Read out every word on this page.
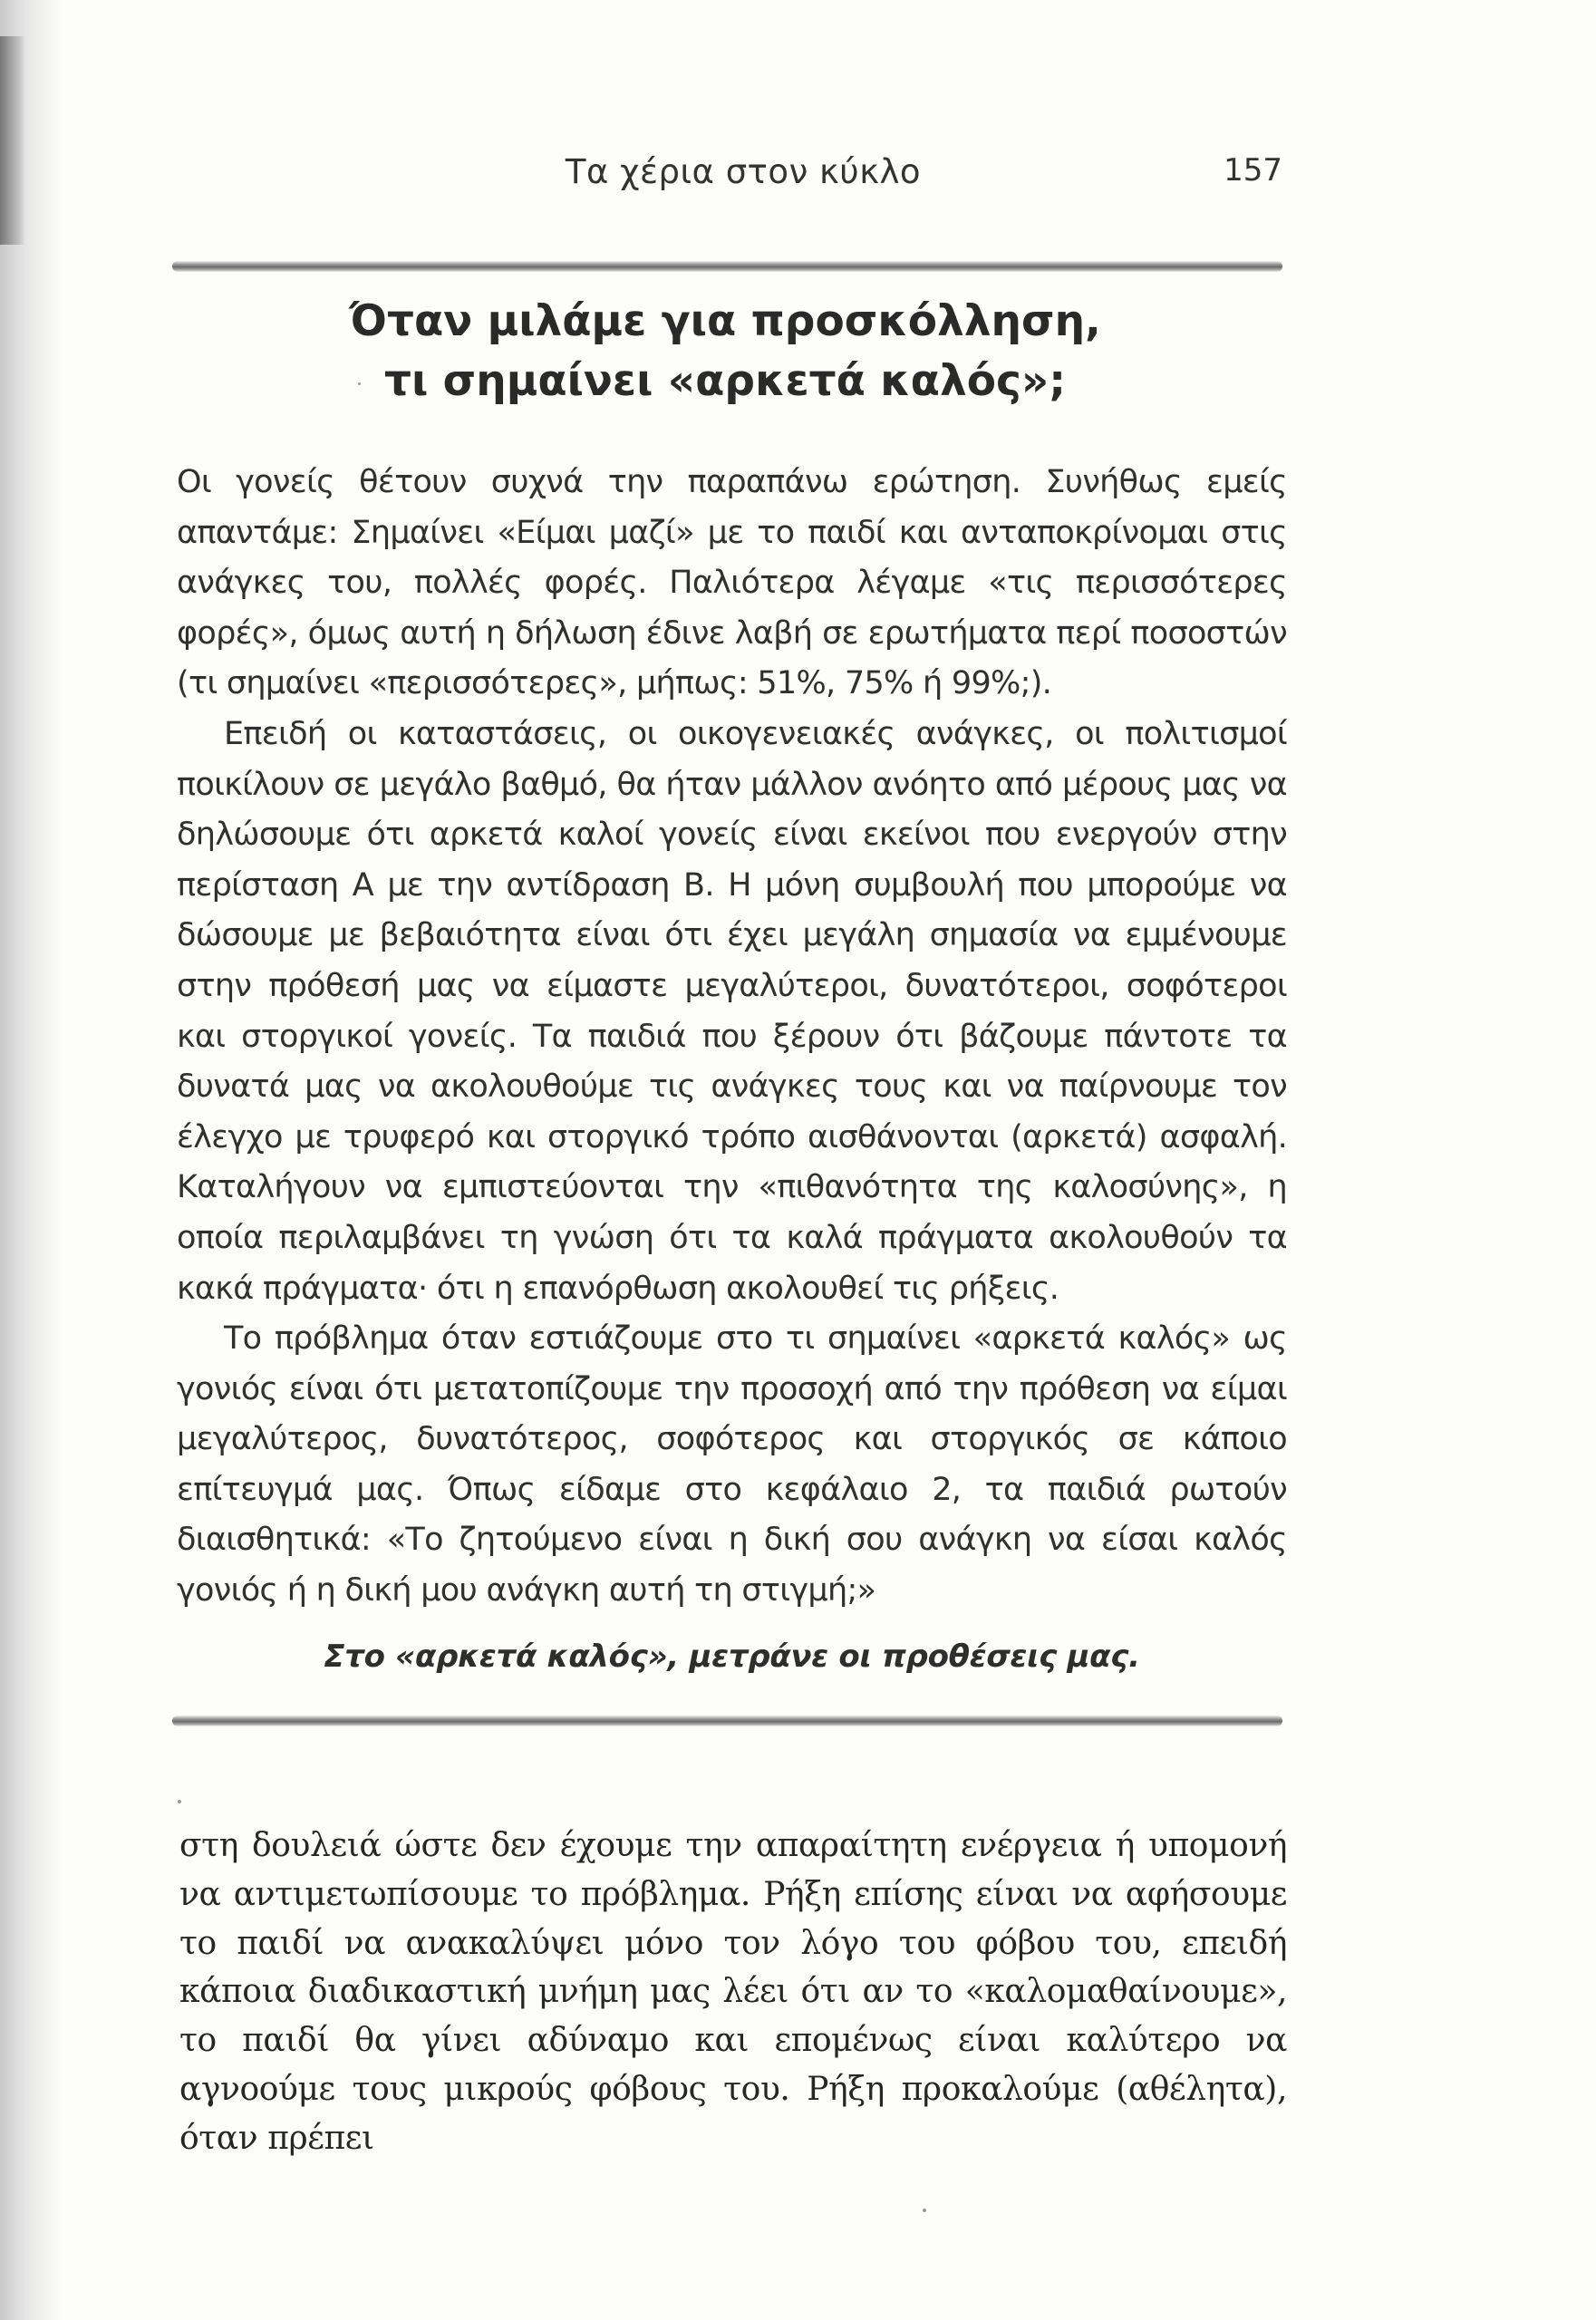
Τα χέρια στον κύκλο	157
Όταν μιλάμε για προσκόλληση,
τι σημαίνει «αρκετά καλός»;

Οι γονείς θέτουν συχνά την παραπάνω ερώτηση. Συνήθως εμείς απαντάμε: Σημαίνει «Είμαι μαζί» με το παιδί και ανταποκρίνομαι στις ανάγκες του, πολλές φορές. Παλιότερα λέγαμε «τις περισσότερες φορές», όμως αυτή η δήλωση έδινε λαβή σε ερωτήματα περί ποσοστών (τι σημαίνει «περισσότερες», μήπως: 51%, 75% ή 99%;).

Επειδή οι καταστάσεις, οι οικογενειακές ανάγκες, οι πολιτισμοί ποικίλουν σε μεγάλο βαθμό, θα ήταν μάλλον ανόητο από μέρους μας να δηλώσουμε ότι αρκετά καλοί γονείς είναι εκείνοι που ενεργούν στην περίσταση Α με την αντίδραση Β. Η μόνη συμβουλή που μπορούμε να δώσουμε με βεβαιότητα είναι ότι έχει μεγάλη σημασία να εμμένουμε στην πρόθεσή μας να είμαστε μεγαλύτεροι, δυνατότεροι, σοφότεροι και στοργικοί γονείς. Τα παιδιά που ξέρουν ότι βάζουμε πάντοτε τα δυνατά μας να ακολουθούμε τις ανάγκες τους και να παίρνουμε τον έλεγχο με τρυφερό και στοργικό τρόπο αισθάνονται (αρκετά) ασφαλή. Καταλήγουν να εμπιστεύονται την «πιθανότητα της καλοσύνης», η οποία περιλαμβάνει τη γνώση ότι τα καλά πράγματα ακολουθούν τα κακά πράγματα· ότι η επανόρθωση ακολουθεί τις ρήξεις.

Το πρόβλημα όταν εστιάζουμε στο τι σημαίνει «αρκετά καλός» ως γονιός είναι ότι μετατοπίζουμε την προσοχή από την πρόθεση να είμαι μεγαλύτερος, δυνατότερος, σοφότερος και στοργικός σε κάποιο επίτευγμά μας. Όπως είδαμε στο κεφάλαιο 2, τα παιδιά ρωτούν διαισθητικά: «Το ζητούμενο είναι η δική σου ανάγκη να είσαι καλός γονιός ή η δική μου ανάγκη αυτή τη στιγμή;»

Στο «αρκετά καλός», μετράνε οι προθέσεις μας.

στη δουλειά ώστε δεν έχουμε την απαραίτητη ενέργεια ή υπομονή να αντιμετωπίσουμε το πρόβλημα. Ρήξη επίσης είναι να αφήσουμε το παιδί να ανακαλύψει μόνο τον λόγο του φόβου του, επειδή κάποια διαδικαστική μνήμη μας λέει ότι αν το «καλομαθαίνουμε», το παιδί θα γίνει αδύναμο και επομένως είναι καλύτερο να αγνοούμε τους μικρούς φόβους του. Ρήξη προκαλούμε (αθέλητα), όταν πρέπει
